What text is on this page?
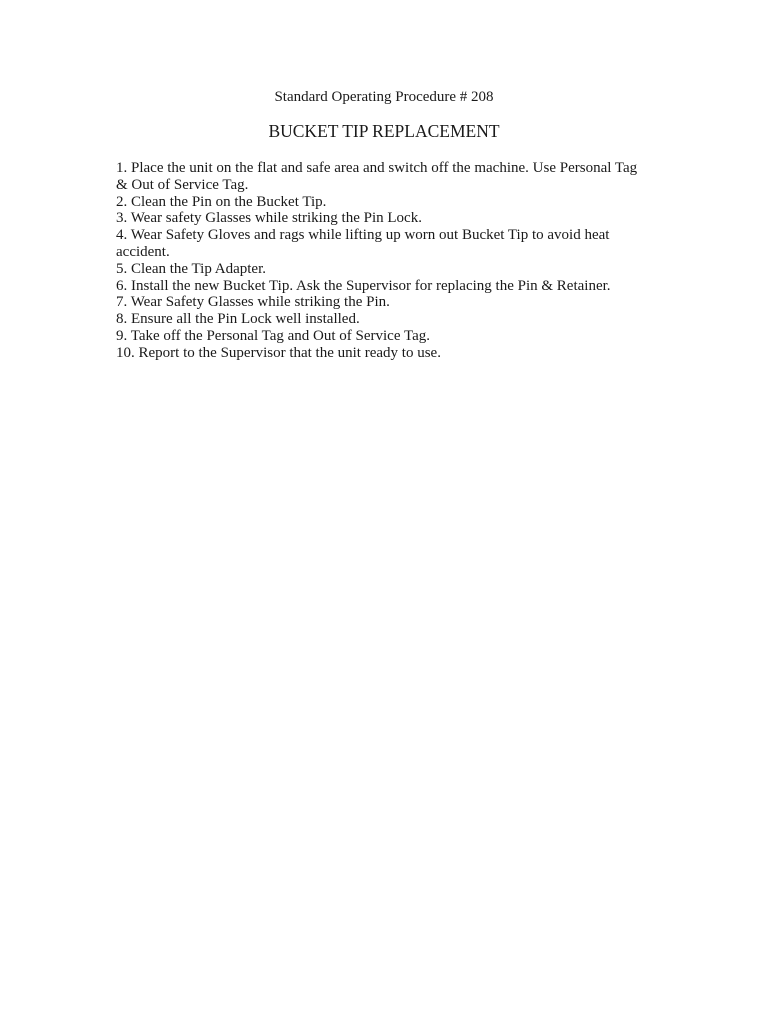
Standard Operating Procedure # 208
BUCKET TIP REPLACEMENT
1. Place the unit on the flat and safe area and switch off the machine. Use Personal Tag & Out of Service Tag.
2. Clean the Pin on the Bucket Tip.
3. Wear safety Glasses while striking the Pin Lock.
4. Wear Safety Gloves and rags while lifting up worn out Bucket Tip to avoid heat accident.
5. Clean the Tip Adapter.
6. Install the new Bucket Tip. Ask the Supervisor for replacing the Pin & Retainer.
7. Wear Safety Glasses while striking the Pin.
8. Ensure all the Pin Lock well installed.
9. Take off the Personal Tag and Out of Service Tag.
10. Report to the Supervisor that the unit ready to use.
